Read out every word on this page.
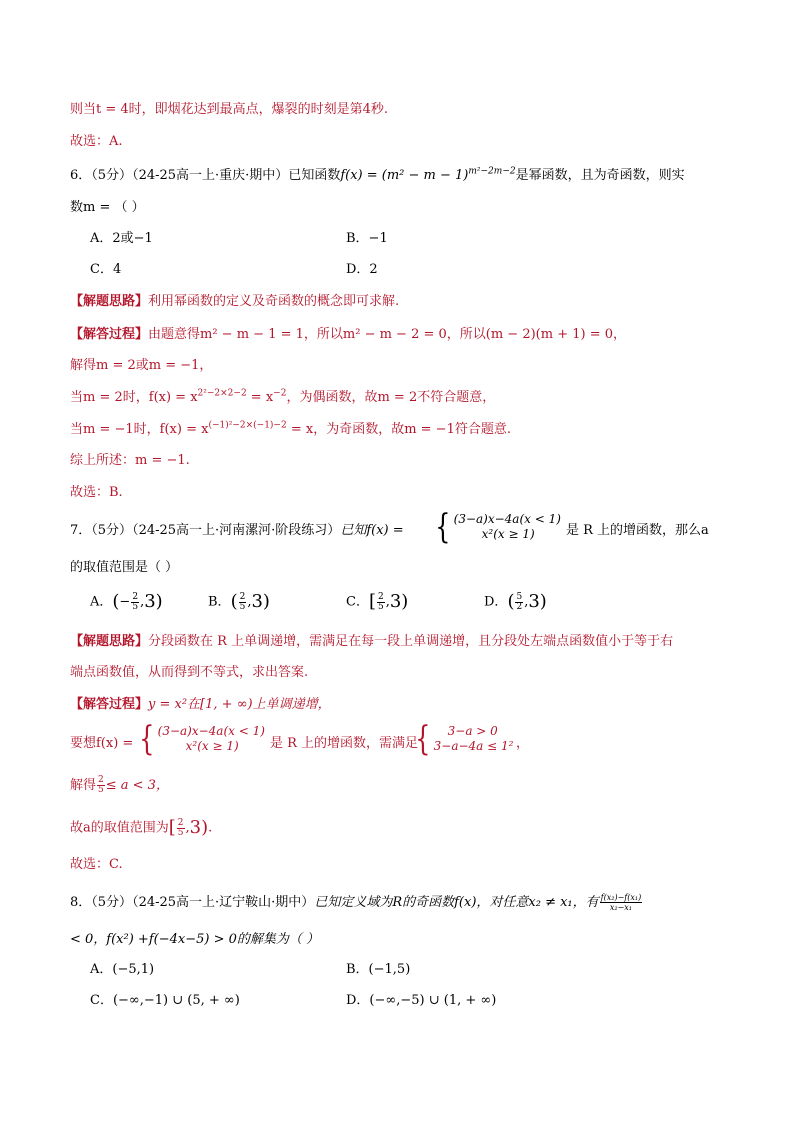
则当t = 4时，即烟花达到最高点，爆裂的时刻是第4秒.
故选：A.
6．（5分）（24-25高一上·重庆·期中）已知函数$f(x) = (m^2 - m - 1)^{m^2-2m-2}$是幂函数，且为奇函数，则实
数m = （ ）
A．2或−1	B．−1
C．4	D．2
【解题思路】利用幂函数的定义及奇函数的概念即可求解.
【解答过程】由题意得m² − m − 1 = 1，所以m² − m − 2 = 0，所以(m − 2)(m + 1) = 0，
解得m = 2或m = −1，
当m = 2时，$f(x) = x^{2^2-2\times 2-2} = x^{-2}$，为偶函数，故m = 2不符合题意，
当m = −1时，$f(x) = x^{(-1)^2-2\times(-1)-2} = x$，为奇函数，故m = −1符合题意.
综上所述：m = −1.
故选：B.
7．（5分）（24-25高一上·河南漯河·阶段练习）已知f(x) = { (3−a)x−4a(x < 1)
x²(x ≥ 1)	是 R 上的增函数，那么a
的取值范围是（ ）
A．(− $\frac{2}{5} ,3$)	B．( $\frac{2}{5} ,3$)	C．[ $\frac{2}{5} ,3$)	D．( $\frac{5}{2} ,3$)
【解题思路】分段函数在 R 上单调递增，需满足在每一段上单调递增，且分段处左端点函数值小于等于右
端点函数值，从而得到不等式，求出答案.
【解答过程】y = x²在[1, + ∞)上单调递增，
要想f(x) = { (3−a)x−4a(x < 1)
x²(x ≥ 1)	是 R 上的增函数，需满足
{	3−a > 0
3−a−4a ≤ 1² ，
解得 $\frac{2}{5} \le a < 3$，
故a的取值范围为[ $\frac{2}{5} ,3$).
故选：C.
8．（5分）（24-25高一上·辽宁鞍山·期中）已知定义域为R的奇函数f(x)，对任意x₂ ≠ x₁，有 $\frac{\text{f(x₂)−f(x₁)}}{\text{x₂−x₁}}$
< 0，f(x²) +f(−4x−5) > 0的解集为（ ）
A．(−5,1)	B．(−1,5)
C．(−∞,−1) ∪ (5, + ∞)	D．(−∞,−5) ∪ (1, + ∞)
